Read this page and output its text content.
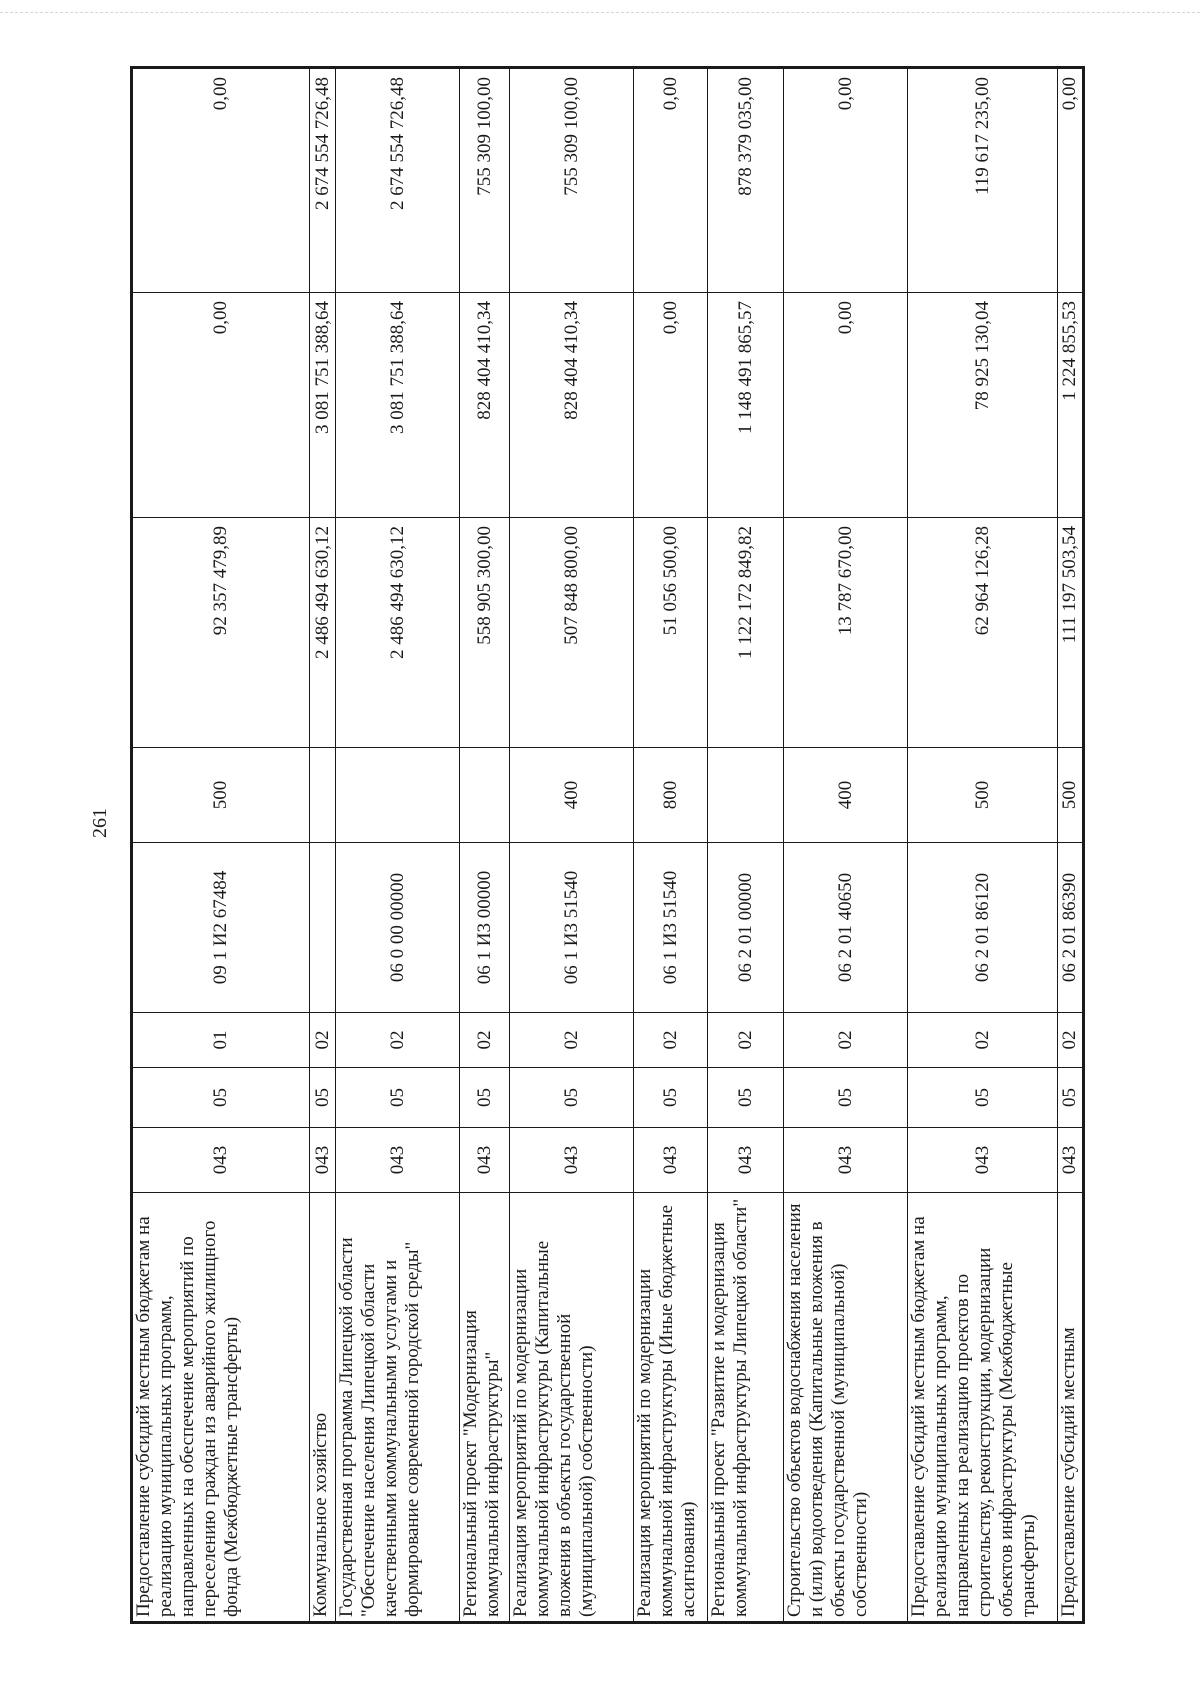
261
Предоставление субсидий местным бюджетам на реализацию муниципальных программ, направленных на обеспечение мероприятий по переселению граждан из аварийного жилищного фонда (Межбюджетные трансферты)	043	05	01	09 1 И2 67484	500	92 357 479,89	0,00	0,00
Коммунальное хозяйство	043	05	02			2 486 494 630,12	3 081 751 388,64	2 674 554 726,48
Государственная программа Липецкой области "Обеспечение населения Липецкой области качественными коммунальными услугами и формирование современной городской среды"	043	05	02	06 0 00 00000		2 486 494 630,12	3 081 751 388,64	2 674 554 726,48
Региональный проект "Модернизация коммунальной инфраструктуры"	043	05	02	06 1 И3 00000		558 905 300,00	828 404 410,34	755 309 100,00
Реализация мероприятий по модернизации коммунальной инфраструктуры (Капитальные вложения в объекты государственной (муниципальной) собственности)	043	05	02	06 1 И3 51540	400	507 848 800,00	828 404 410,34	755 309 100,00
Реализация мероприятий по модернизации коммунальной инфраструктуры (Иные бюджетные ассигнования)	043	05	02	06 1 И3 51540	800	51 056 500,00	0,00	0,00
Региональный проект "Развитие и модернизация коммунальной инфраструктуры Липецкой области"	043	05	02	06 2 01 00000		1 122 172 849,82	1 148 491 865,57	878 379 035,00
Строительство объектов водоснабжения населения и (или) водоотведения (Капитальные вложения в объекты государственной (муниципальной) собственности)	043	05	02	06 2 01 40650	400	13 787 670,00	0,00	0,00
Предоставление субсидий местным бюджетам на реализацию муниципальных программ, направленных на реализацию проектов по строительству, реконструкции, модернизации объектов инфраструктуры (Межбюджетные трансферты)	043	05	02	06 2 01 86120	500	62 964 126,28	78 925 130,04	119 617 235,00
Предоставление субсидий местным	043	05	02	06 2 01 86390	500	111 197 503,54	1 224 855,53	0,00
